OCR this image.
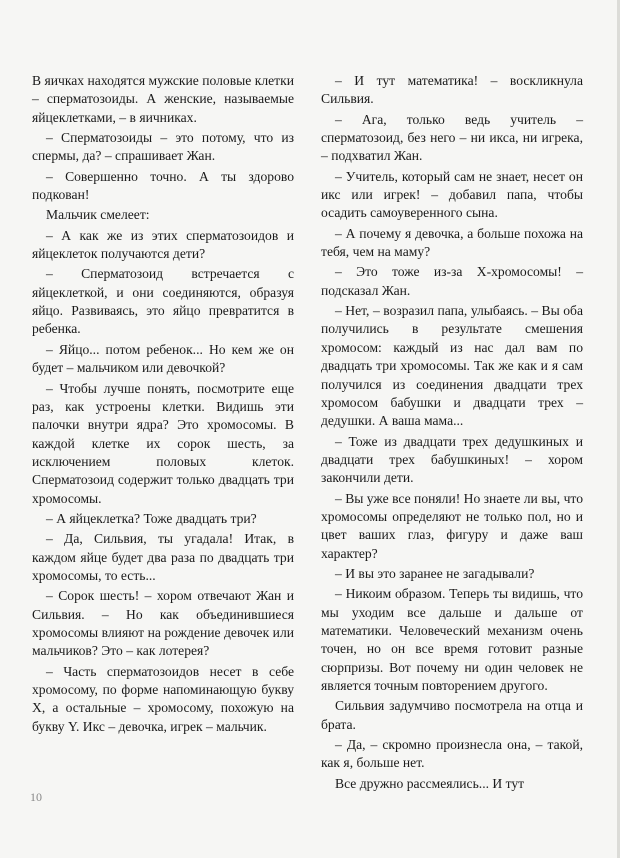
В яичках находятся мужские половые клетки – сперматозоиды. А женские, называемые яйцеклетками, – в яичниках.

– Сперматозоиды – это потому, что из спермы, да? – спрашивает Жан.

– Совершенно точно. А ты здорово подкован!

Мальчик смелеет:

– А как же из этих сперматозоидов и яйцеклеток получаются дети?

– Сперматозоид встречается с яйцеклеткой, и они соединяются, образуя яйцо. Развиваясь, это яйцо превратится в ребенка.

– Яйцо... потом ребенок... Но кем же он будет – мальчиком или девочкой?

– Чтобы лучше понять, посмотрите еще раз, как устроены клетки. Видишь эти палочки внутри ядра? Это хромосомы. В каждой клетке их сорок шесть, за исключением половых клеток. Сперматозоид содержит только двадцать три хромосомы.

– А яйцеклетка? Тоже двадцать три?

– Да, Сильвия, ты угадала! Итак, в каждом яйце будет два раза по двадцать три хромосомы, то есть...

– Сорок шесть! – хором отвечают Жан и Сильвия. – Но как объединившиеся хромосомы влияют на рождение девочек или мальчиков? Это – как лотерея?

– Часть сперматозоидов несет в себе хромосому, по форме напоминающую букву X, а остальные – хромосому, похожую на букву Y. Икс – девочка, игрек – мальчик.

– И тут математика! – воскликнула Сильвия.

– Ага, только ведь учитель – сперматозоид, без него – ни икса, ни игрека, – подхватил Жан.

– Учитель, который сам не знает, несет он икс или игрек! – добавил папа, чтобы осадить самоуверенного сына.

– А почему я девочка, а больше похожа на тебя, чем на маму?

– Это тоже из-за X-хромосомы! – подсказал Жан.

– Нет, – возразил папа, улыбаясь. – Вы оба получились в результате смешения хромосом: каждый из нас дал вам по двадцать три хромосомы. Так же как и я сам получился из соединения двадцати трех хромосом бабушки и двадцати трех – дедушки. А ваша мама...

– Тоже из двадцати трех дедушкиных и двадцати трех бабушкиных! – хором закончили дети.

– Вы уже все поняли! Но знаете ли вы, что хромосомы определяют не только пол, но и цвет ваших глаз, фигуру и даже ваш характер?

– И вы это заранее не загадывали?

– Никоим образом. Теперь ты видишь, что мы уходим все дальше и дальше от математики. Человеческий механизм очень точен, но он все время готовит разные сюрпризы. Вот почему ни один человек не является точным повторением другого.

Сильвия задумчиво посмотрела на отца и брата.

– Да, – скромно произнесла она, – такой, как я, больше нет.

Все дружно рассмеялись... И тут

10
